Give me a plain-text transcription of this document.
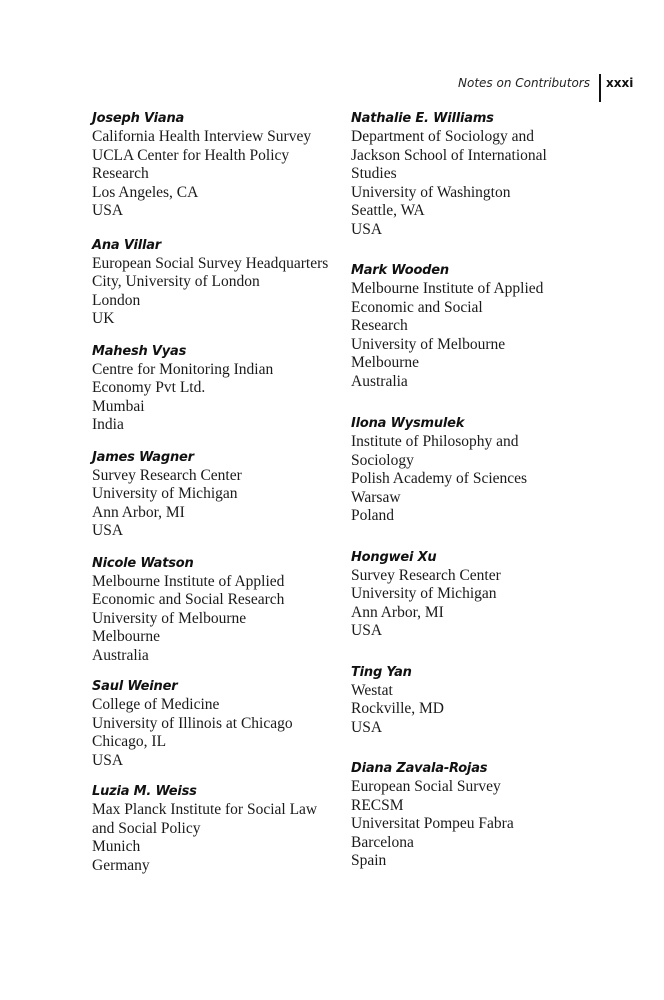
Notes on Contributors xxxi
Joseph Viana
California Health Interview Survey
UCLA Center for Health Policy
Research
Los Angeles, CA
USA
Ana Villar
European Social Survey Headquarters
City, University of London
London
UK
Mahesh Vyas
Centre for Monitoring Indian
Economy Pvt Ltd.
Mumbai
India
James Wagner
Survey Research Center
University of Michigan
Ann Arbor, MI
USA
Nicole Watson
Melbourne Institute of Applied
Economic and Social Research
University of Melbourne
Melbourne
Australia
Saul Weiner
College of Medicine
University of Illinois at Chicago
Chicago, IL
USA
Luzia M. Weiss
Max Planck Institute for Social Law
and Social Policy
Munich
Germany
Nathalie E. Williams
Department of Sociology and
Jackson School of International
Studies
University of Washington
Seattle, WA
USA
Mark Wooden
Melbourne Institute of Applied
Economic and Social
Research
University of Melbourne
Melbourne
Australia
Ilona Wysmulek
Institute of Philosophy and
Sociology
Polish Academy of Sciences
Warsaw
Poland
Hongwei Xu
Survey Research Center
University of Michigan
Ann Arbor, MI
USA
Ting Yan
Westat
Rockville, MD
USA
Diana Zavala-Rojas
European Social Survey
RECSM
Universitat Pompeu Fabra
Barcelona
Spain
